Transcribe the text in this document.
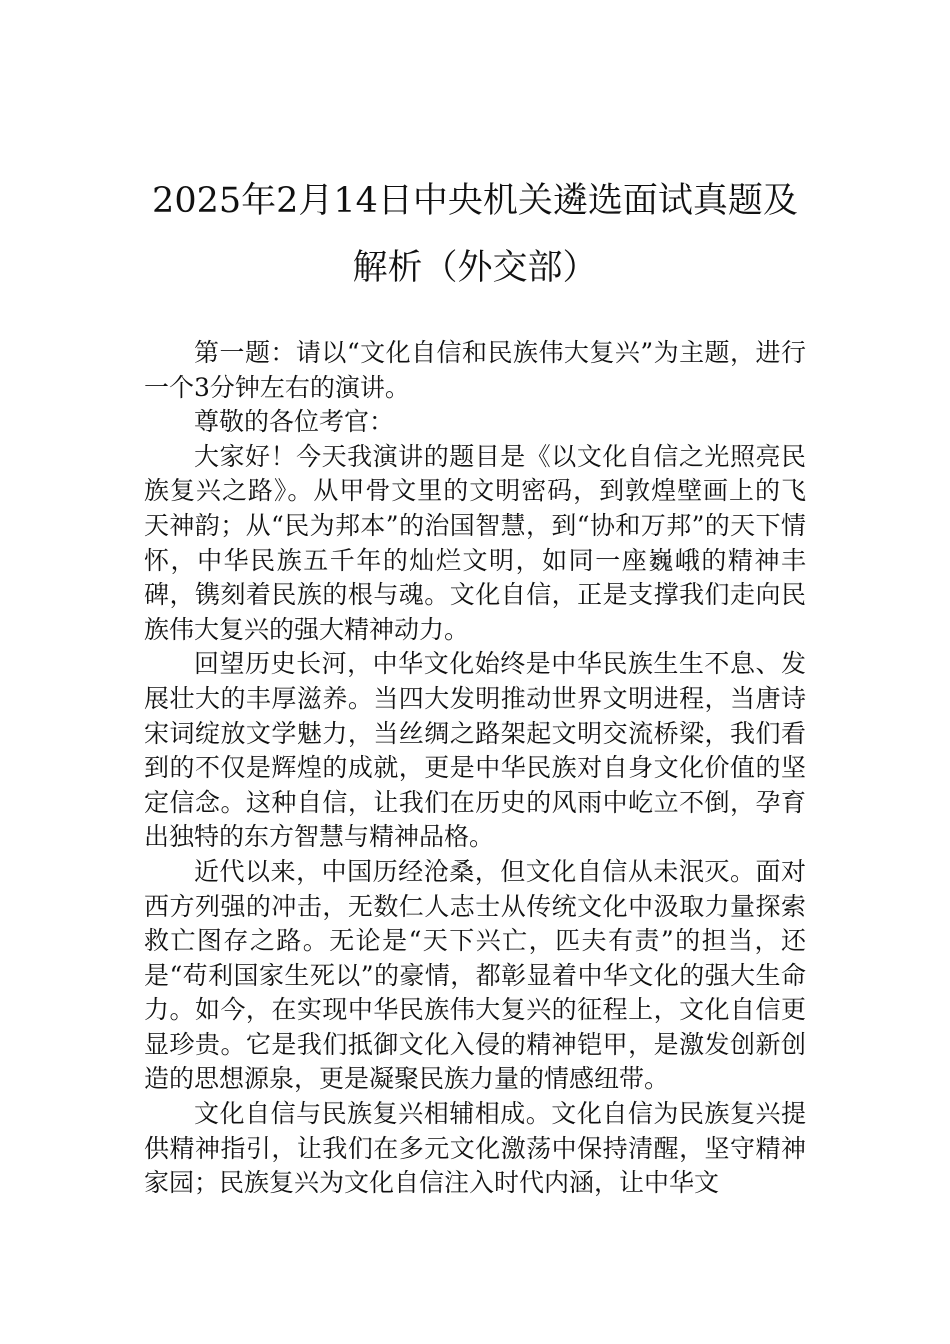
2025年2月14日中央机关遴选面试真题及
解析（外交部）

第一题：请以“文化自信和民族伟大复兴”为主题，进行一个3分钟左右的演讲。

尊敬的各位考官：

大家好！今天我演讲的题目是《以文化自信之光照亮民族复兴之路》。从甲骨文里的文明密码，到敦煌壁画上的飞天神韵；从“民为邦本”的治国智慧，到“协和万邦”的天下情怀，中华民族五千年的灿烂文明，如同一座巍峨的精神丰碑，镌刻着民族的根与魂。文化自信，正是支撑我们走向民族伟大复兴的强大精神动力。

回望历史长河，中华文化始终是中华民族生生不息、发展壮大的丰厚滋养。当四大发明推动世界文明进程，当唐诗宋词绽放文学魅力，当丝绸之路架起文明交流桥梁，我们看到的不仅是辉煌的成就，更是中华民族对自身文化价值的坚定信念。这种自信，让我们在历史的风雨中屹立不倒，孕育出独特的东方智慧与精神品格。

近代以来，中国历经沧桑，但文化自信从未泯灭。面对西方列强的冲击，无数仁人志士从传统文化中汲取力量探索救亡图存之路。无论是“天下兴亡，匹夫有责”的担当，还是“苟利国家生死以”的豪情，都彰显着中华文化的强大生命力。如今，在实现中华民族伟大复兴的征程上，文化自信更显珍贵。它是我们抵御文化入侵的精神铠甲，是激发创新创造的思想源泉，更是凝聚民族力量的情感纽带。

文化自信与民族复兴相辅相成。文化自信为民族复兴提供精神指引，让我们在多元文化激荡中保持清醒，坚守精神家园；民族复兴为文化自信注入时代内涵，让中华文
